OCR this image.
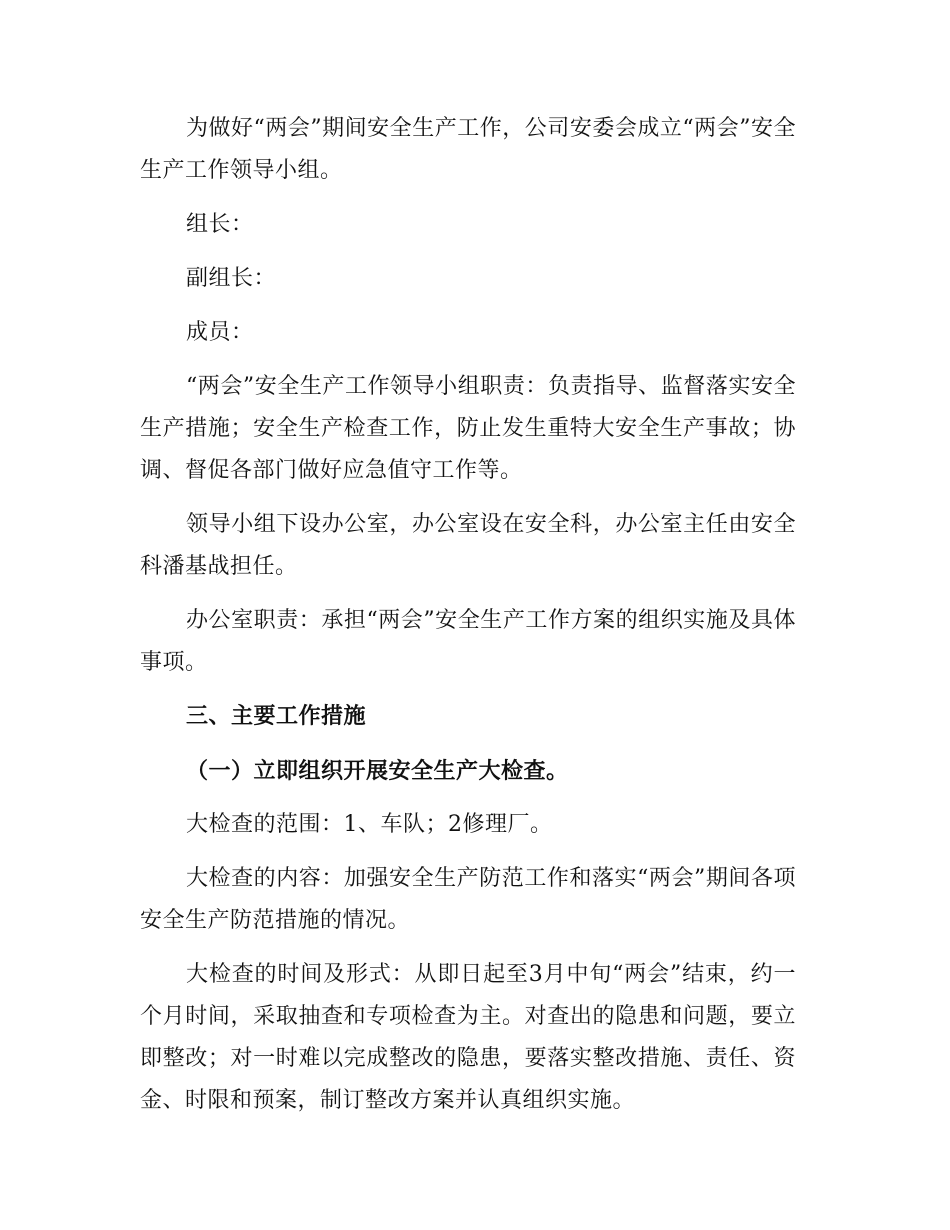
为做好“两会”期间安全生产工作，公司安委会成立“两会”安全生产工作领导小组。

组长：

副组长：

成员：

“两会”安全生产工作领导小组职责：负责指导、监督落实安全生产措施；安全生产检查工作，防止发生重特大安全生产事故；协调、督促各部门做好应急值守工作等。

领导小组下设办公室，办公室设在安全科，办公室主任由安全科潘基战担任。

办公室职责：承担“两会”安全生产工作方案的组织实施及具体事项。

三、主要工作措施

（一）立即组织开展安全生产大检查。

大检查的范围：1、车队；2修理厂。

大检查的内容：加强安全生产防范工作和落实“两会”期间各项安全生产防范措施的情况。

大检查的时间及形式：从即日起至3月中旬“两会”结束，约一个月时间，采取抽查和专项检查为主。对查出的隐患和问题，要立即整改；对一时难以完成整改的隐患，要落实整改措施、责任、资金、时限和预案，制订整改方案并认真组织实施。
